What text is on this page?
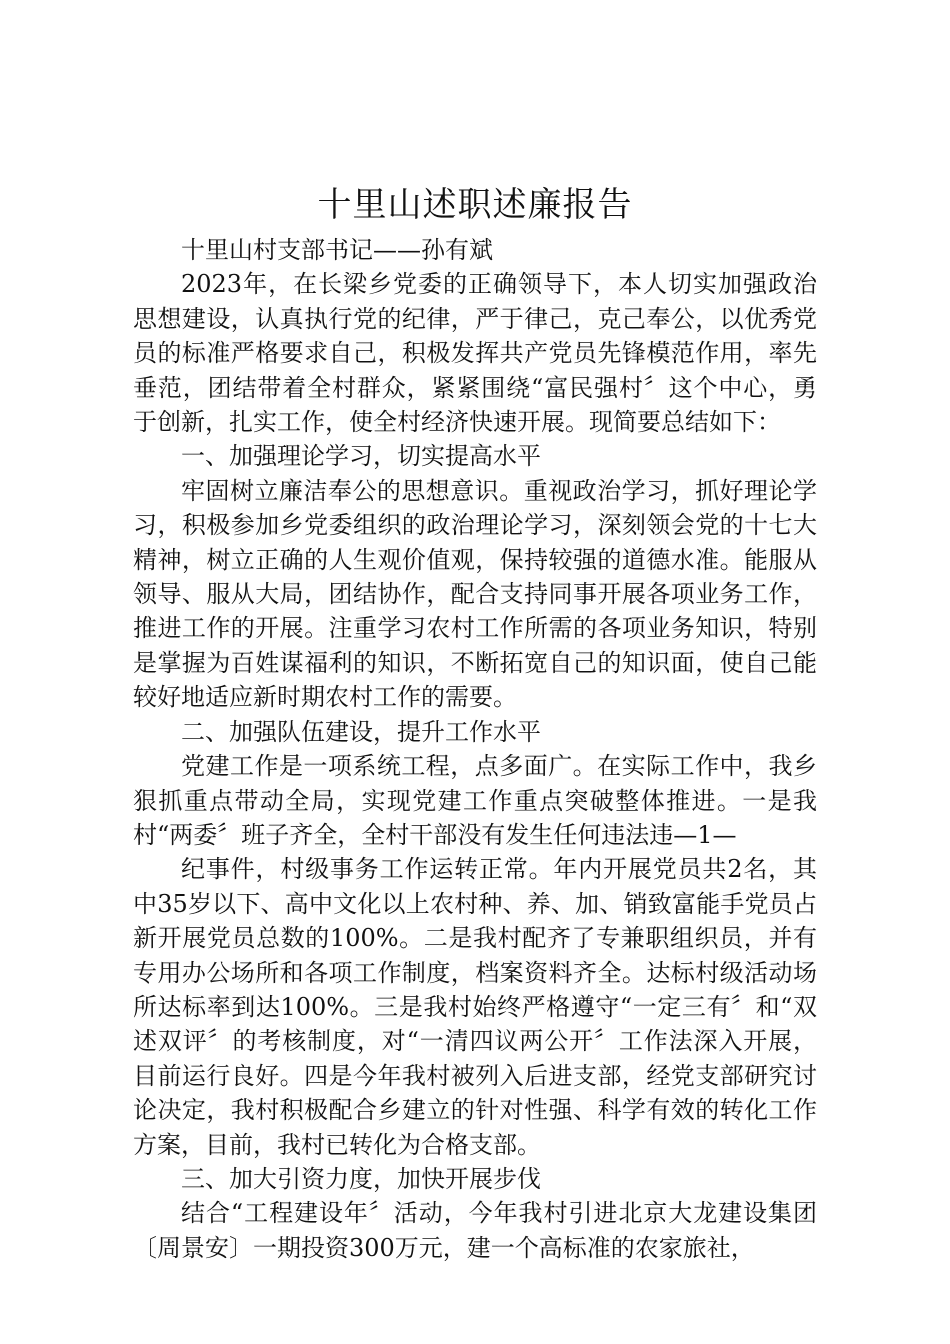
十里山述职述廉报告

十里山村支部书记——孙有斌

2023年，在长梁乡党委的正确领导下，本人切实加强政治思想建设，认真执行党的纪律，严于律己，克己奉公，以优秀党员的标准严格要求自己，积极发挥共产党员先锋模范作用，率先垂范，团结带着全村群众，紧紧围绕“富民强村〞这个中心，勇于创新，扎实工作，使全村经济快速开展。现简要总结如下：

一、加强理论学习，切实提高水平

牢固树立廉洁奉公的思想意识。重视政治学习，抓好理论学习，积极参加乡党委组织的政治理论学习，深刻领会党的十七大精神，树立正确的人生观价值观，保持较强的道德水准。能服从领导、服从大局，团结协作，配合支持同事开展各项业务工作，推进工作的开展。注重学习农村工作所需的各项业务知识，特别是掌握为百姓谋福利的知识，不断拓宽自己的知识面，使自己能较好地适应新时期农村工作的需要。

二、加强队伍建设，提升工作水平

党建工作是一项系统工程，点多面广。在实际工作中，我乡狠抓重点带动全局，实现党建工作重点突破整体推进。一是我村“两委〞班子齐全，全村干部没有发生任何违法违—1—

纪事件，村级事务工作运转正常。年内开展党员共2名，其中35岁以下、高中文化以上农村种、养、加、销致富能手党员占新开展党员总数的100%。二是我村配齐了专兼职组织员，并有专用办公场所和各项工作制度，档案资料齐全。达标村级活动场所达标率到达100%。三是我村始终严格遵守“一定三有〞和“双述双评〞的考核制度，对“一清四议两公开〞工作法深入开展，目前运行良好。四是今年我村被列入后进支部，经党支部研究讨论决定，我村积极配合乡建立的针对性强、科学有效的转化工作方案，目前，我村已转化为合格支部。

三、加大引资力度，加快开展步伐

结合“工程建设年〞活动，今年我村引进北京大龙建设集团〔周景安〕一期投资300万元，建一个高标准的农家旅社，
